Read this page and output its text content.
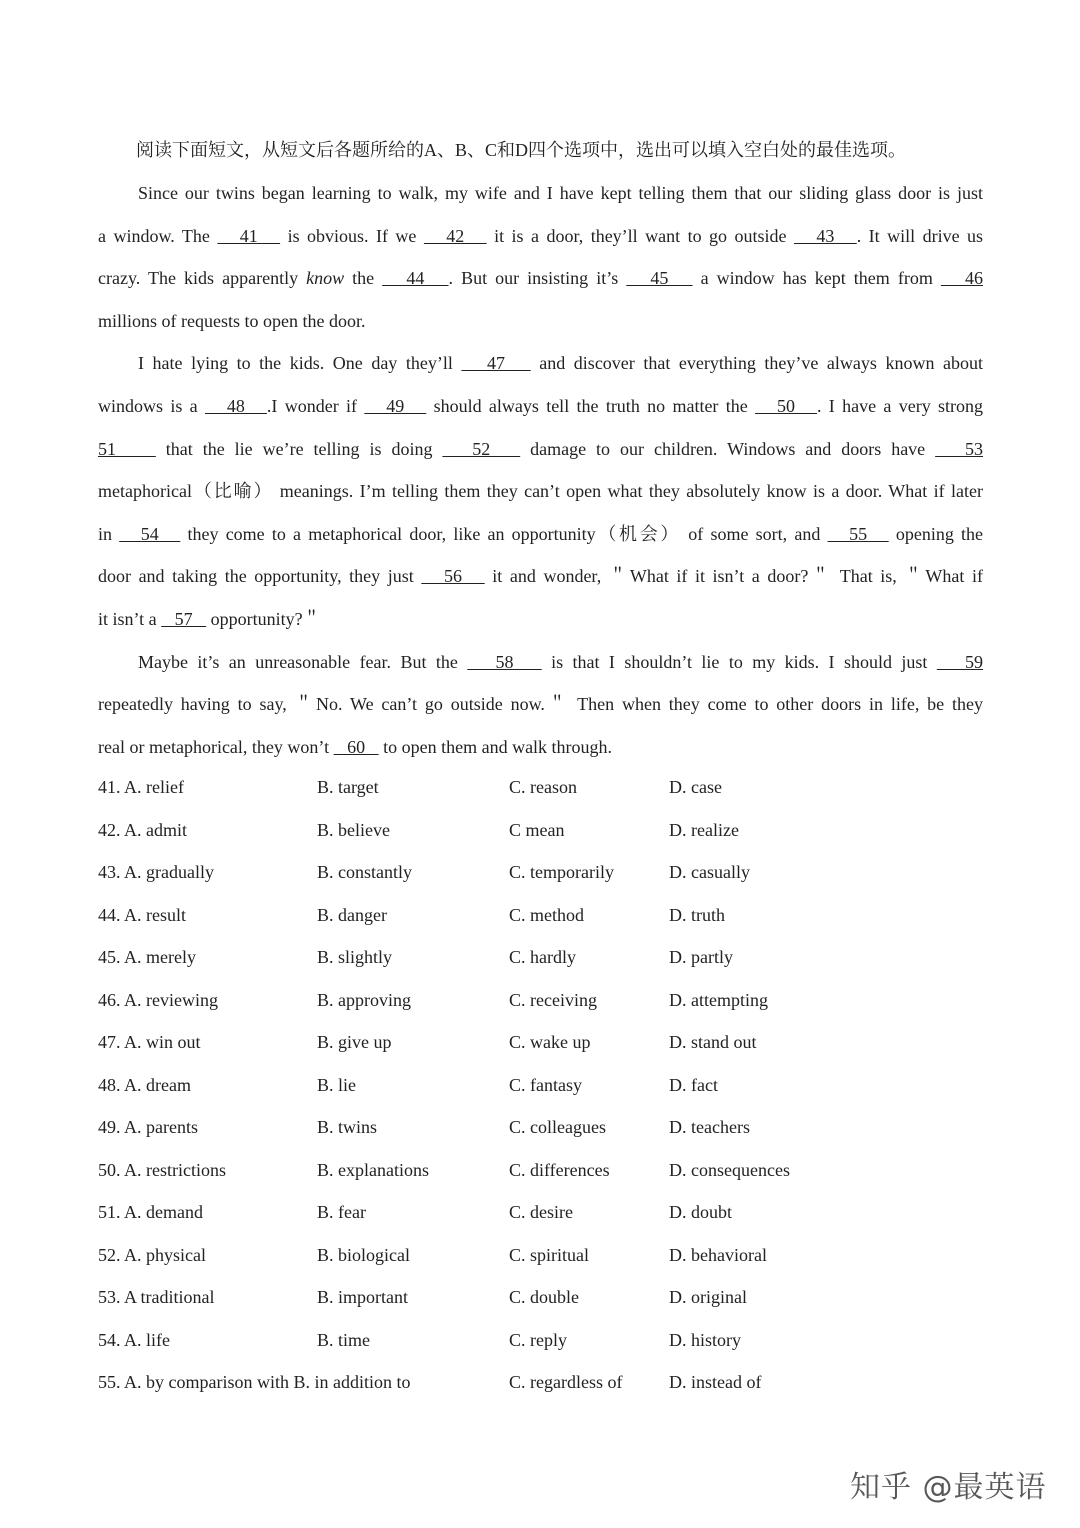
阅读下面短文，从短文后各题所给的A、B、C和D四个选项中，选出可以填入空白处的最佳选项。
Since our twins began learning to walk, my wife and I have kept telling them that our sliding glass door is just
a window. The    41    is obvious. If we    42    it is a door, they’ll want to go outside    43   . It will drive us
crazy. The kids apparently know the    44   . But our insisting it’s    45    a window has kept them from    46
millions of requests to open the door.
I hate lying to the kids. One day they’ll    47    and discover that everything they’ve always known about
windows is a    48   .I wonder if    49    should always tell the truth no matter the    50   . I have a very strong
51     that the lie we’re telling is doing    52    damage to our children. Windows and doors have    53
metaphorical（比喻） meanings. I’m telling them they can’t open what they absolutely know is a door. What if later
in    54    they come to a metaphorical door, like an opportunity（机会） of some sort, and    55    opening the
door and taking the opportunity, they just    56    it and wonder, ＂What if it isn’t a door?＂ That is, ＂What if
it isn’t a    57    opportunity?＂
Maybe it’s an unreasonable fear. But the    58    is that I shouldn’t lie to my kids. I should just    59
repeatedly having to say, ＂No. We can’t go outside now.＂ Then when they come to other doors in life, be they
real or metaphorical, they won’t    60    to open them and walk through.
41. A. relief	B. target	C. reason	D. case
42. A. admit	B. believe	C mean	D. realize
43. A. gradually	B. constantly	C. temporarily	D. casually
44. A. result	B. danger	C. method	D. truth
45. A. merely	B. slightly	C. hardly	D. partly
46. A. reviewing	B. approving	C. receiving	D. attempting
47. A. win out	B. give up	C. wake up	D. stand out
48. A. dream	B. lie	C. fantasy	D. fact
49. A. parents	B. twins	C. colleagues	D. teachers
50. A. restrictions	B. explanations	C. differences	D. consequences
51. A. demand	B. fear	C. desire	D. doubt
52. A. physical	B. biological	C. spiritual	D. behavioral
53. A traditional	B. important	C. double	D. original
54. A. life	B. time	C. reply	D. history
55. A. by comparison with B. in addition to	C. regardless of	D. instead of
知乎 @最英语
